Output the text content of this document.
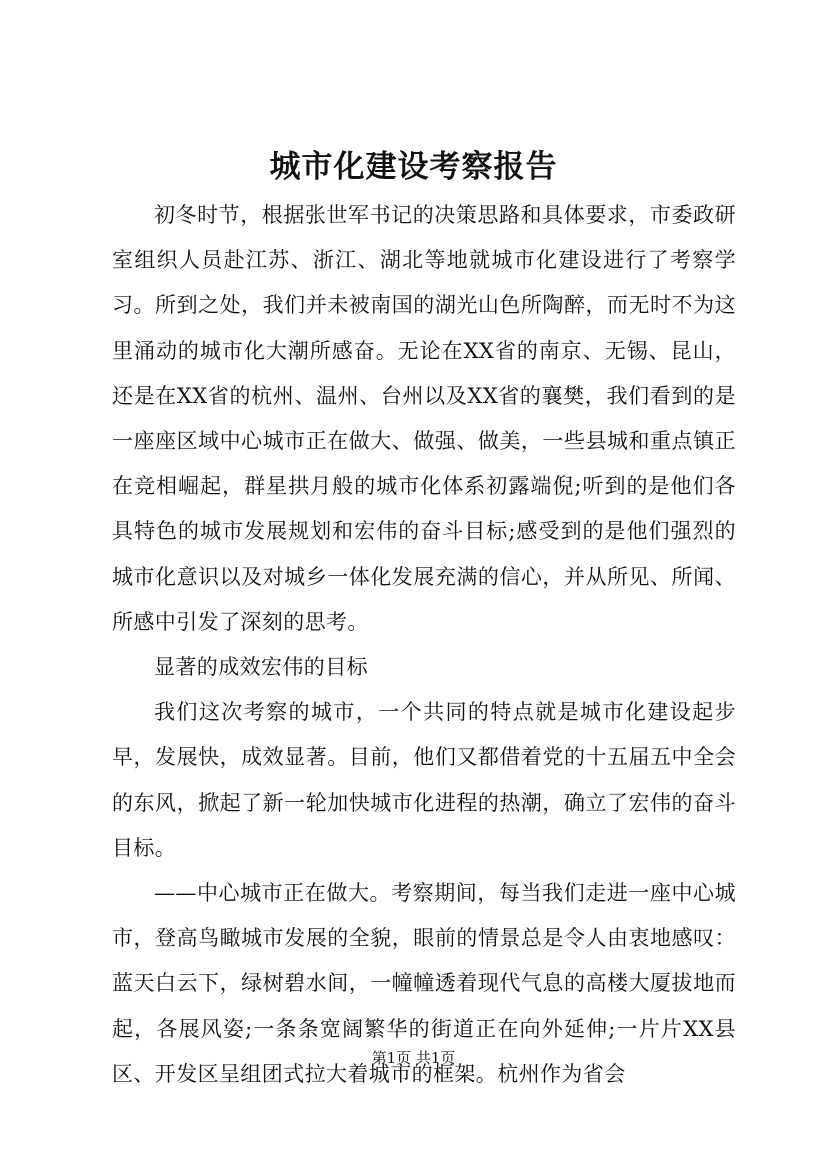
城市化建设考察报告

初冬时节，根据张世军书记的决策思路和具体要求，市委政研室组织人员赴江苏、浙江、湖北等地就城市化建设进行了考察学习。所到之处，我们并未被南国的湖光山色所陶醉，而无时不为这里涌动的城市化大潮所感奋。无论在XX省的南京、无锡、昆山，还是在XX省的杭州、温州、台州以及XX省的襄樊，我们看到的是一座座区域中心城市正在做大、做强、做美，一些县城和重点镇正在竞相崛起，群星拱月般的城市化体系初露端倪;听到的是他们各具特色的城市发展规划和宏伟的奋斗目标;感受到的是他们强烈的城市化意识以及对城乡一体化发展充满的信心，并从所见、所闻、所感中引发了深刻的思考。

显著的成效宏伟的目标

我们这次考察的城市，一个共同的特点就是城市化建设起步早，发展快，成效显著。目前，他们又都借着党的十五届五中全会的东风，掀起了新一轮加快城市化进程的热潮，确立了宏伟的奋斗目标。

——中心城市正在做大。考察期间，每当我们走进一座中心城市，登高鸟瞰城市发展的全貌，眼前的情景总是令人由衷地感叹：蓝天白云下，绿树碧水间，一幢幢透着现代气息的高楼大厦拔地而起，各展风姿;一条条宽阔繁华的街道正在向外延伸;一片片XX县区、开发区呈组团式拉大着城市的框架。杭州作为省会

第1页 共1页
